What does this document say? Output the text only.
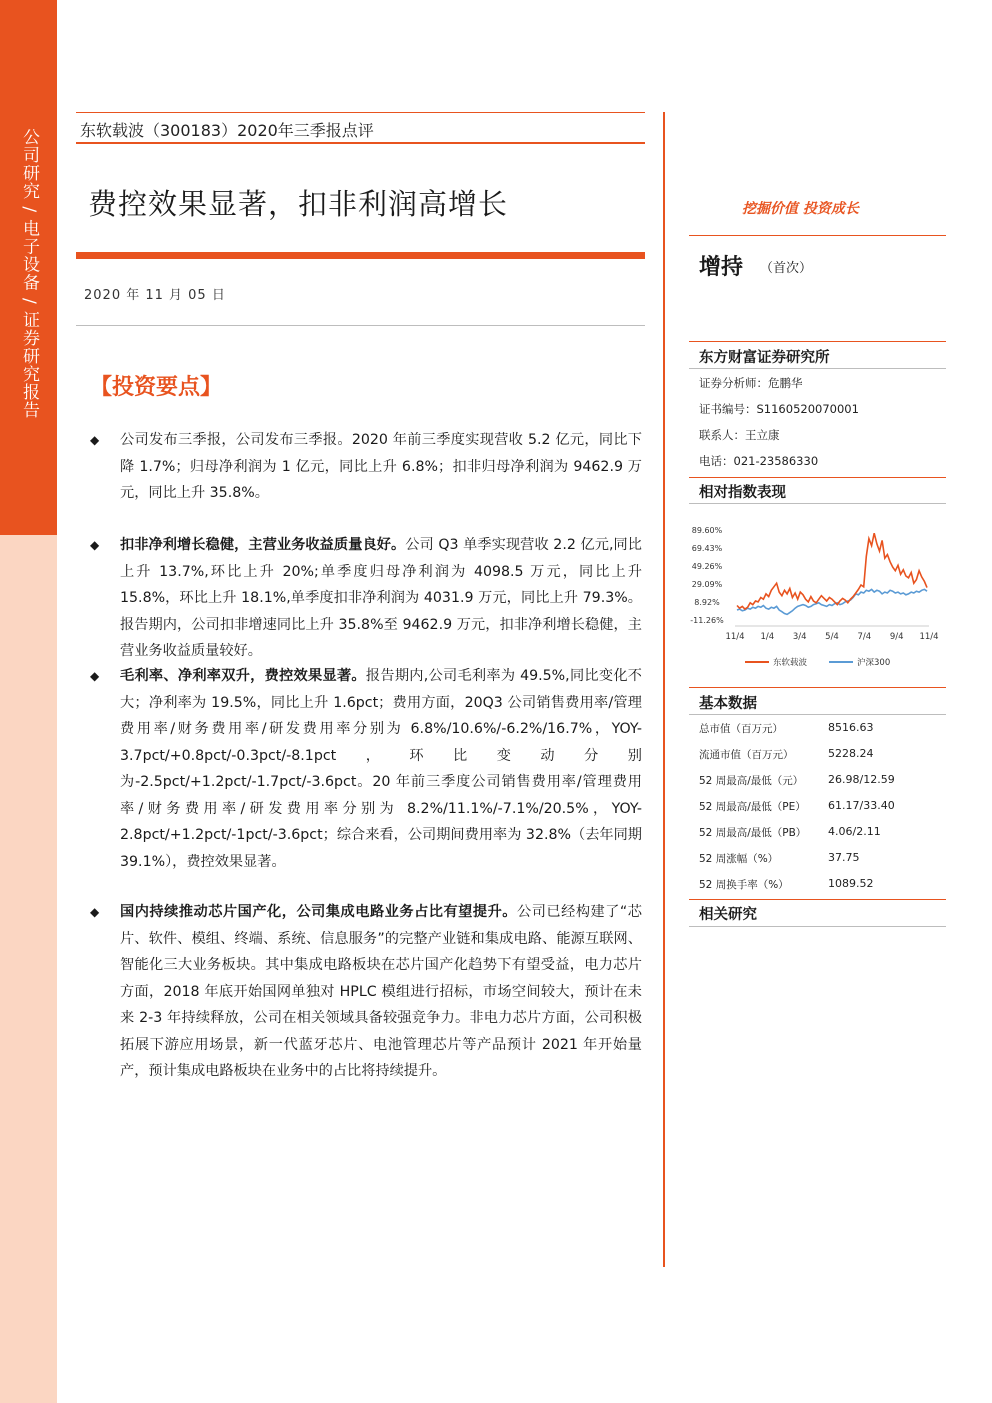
公司研究 / 电子设备 / 证券研究报告	东软载波（300183）2020年三季报点评
费控效果显著，扣非利润高增长
2020 年 11 月 05 日
【投资要点】
◆ 公司发布三季报，公司发布三季报。2020 年前三季度实现营收 5.2 亿元，同比下降 1.7%；归母净利润为 1 亿元，同比上升 6.8%；扣非归母净利润为 9462.9 万元，同比上升 35.8%。
◆ 扣非净利增长稳健，主营业务收益质量良好。公司 Q3 单季实现营收 2.2 亿元,同比上升 13.7%,环比上升 20%;单季度归母净利润为 4098.5 万元，同比上升 15.8%，环比上升 18.1%,单季度扣非净利润为 4031.9 万元，同比上升 79.3%。报告期内，公司扣非增速同比上升 35.8%至 9462.9 万元，扣非净利增长稳健，主营业务收益质量较好。
◆ 毛利率、净利率双升，费控效果显著。报告期内,公司毛利率为 49.5%,同比变化不大；净利率为 19.5%，同比上升 1.6pct；费用方面，20Q3 公司销售费用率/管理费用率/财务费用率/研发费用率分别为 6.8%/10.6%/-6.2%/16.7%，YOY-3.7pct/+0.8pct/-0.3pct/-8.1pct，环比变动分别为-2.5pct/+1.2pct/-1.7pct/-3.6pct。20 年前三季度公司销售费用率/管理费用率/财务费用率/研发费用率分别为 8.2%/11.1%/-7.1%/20.5%，YOY-2.8pct/+1.2pct/-1pct/-3.6pct；综合来看，公司期间费用率为 32.8%（去年同期 39.1%），费控效果显著。
◆ 国内持续推动芯片国产化，公司集成电路业务占比有望提升。公司已经构建了“芯片、软件、模组、终端、系统、信息服务”的完整产业链和集成电路、能源互联网、智能化三大业务板块。其中集成电路板块在芯片国产化趋势下有望受益，电力芯片方面，2018 年底开始国网单独对 HPLC 模组进行招标，市场空间较大，预计在未来 2-3 年持续释放，公司在相关领域具备较强竞争力。非电力芯片方面，公司积极拓展下游应用场景，新一代蓝牙芯片、电池管理芯片等产品预计 2021 年开始量产，预计集成电路板块在业务中的占比将持续提升。
挖掘价值 投资成长
增持 （首次）
东方财富证券研究所
证券分析师：危鹏华
证书编号：S1160520070001
联系人：王立康
电话：021-23586330
相对指数表现
89.60%
69.43%
49.26%
29.09%
8.92%
-11.26%
11/4 1/4 3/4 5/4 7/4 9/4 11/4
东软载波	沪深300
基本数据
总市值（百万元）	8516.63
流通市值（百万元）	5228.24
52 周最高/最低（元） 26.98/12.59
52 周最高/最低（PE） 61.17/33.40
52 周最高/最低（PB） 4.06/2.11
52 周涨幅（%）	37.75
52 周换手率（%）	1089.52
相关研究
